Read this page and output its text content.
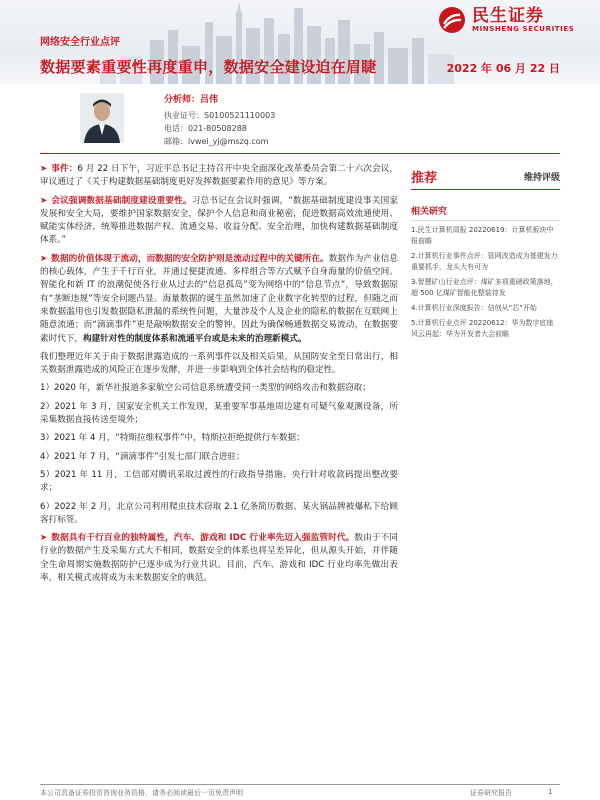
民生证券
MINSHENG SECURITIES
网络安全行业点评
数据要素重要性再度重申，数据安全建设迫在眉睫	2022 年 06 月 22 日
分析师：吕伟
执业证号：S0100521110003
电话：021-80508288
邮箱：lvwei_yj@mszq.com

➤ 事件：6 月 22 日下午，习近平总书记主持召开中央全面深化改革委员会第二十六次会议，审议通过了《关于构建数据基础制度更好发挥数据要素作用的意见》等方案。

➤ 会议强调数据基础制度建设重要性。习总书记在会议时强调，“数据基础制度建设事关国家发展和安全大局，要维护国家数据安全，保护个人信息和商业秘密，促进数据高效流通使用、赋能实体经济，统筹推进数据产权、流通交易、收益分配、安全治理，加快构建数据基础制度体系。”

➤ 数据的价值体现于流动，而数据的安全防护则是流动过程中的关键所在。数据作为产业信息的核心载体，产生于千行百业，并通过便捷流通、多样组合等方式赋予自身海量的价值空间。智能化和新 IT 的浪潮促使各行业从过去的“信息孤岛”变为网络中的“信息节点”，导致数据原有“垄断违规”等安全问题凸显。海量数据的诞生虽然加速了企业数字化转型的过程，但随之而来数据滥用也引发数据隐私泄漏的系统性问题，大量涉及个人及企业的隐私的数据在互联网上随意流通；而“滴滴事件”更是敲响数据安全的警钟。因此为确保畅通数据交易流动，在数据要素时代下，构建针对性的制度体系和流通平台或是未来的治理新模式。

我们整理近年关于由于数据泄露造成的一系列事件以及相关后果，从国防安全至日常出行，相关数据泄露造成的风险正在逐步发酵，并进一步影响到全体社会结构的稳定性。

1）2020 年，新华社报道多家航空公司信息系统遭受同一类型的网络攻击和数据窃取；

2）2021 年 3 月，国家安全机关工作发现，某重要军事基地周边建有可疑气象观测设备，所采集数据直接传送至境外；

3）2021 年 4 月，“特斯拉维权事件”中，特斯拉拒绝提供行车数据；

4）2021 年 7 月，“滴滴事件”引发七部门联合进驻；

5）2021 年 11 月，工信部对腾讯采取过渡性的行政指导措施、央行针对收款码提出整改要求；

6）2022 年 2 月，北京公司利用爬虫技术窃取 2.1 亿条简历数据、某火锅品牌被爆私下给顾客打标签。

➤ 数据具有千行百业的独特属性，汽车、游戏和 IDC 行业率先迈入强监管时代。数由于不同行业的数据产生及采集方式大不相同，数据安全的体系也将呈差异化，但从源头开始，并伴随全生命周期实施数据防护已逐步成为行业共识。目前，汽车、游戏和 IDC 行业均率先做出表率，相关模式或将成为未来数据安全的典范。

推荐	维持评级
相关研究
1.民生计算机周报 20220619：计算机板块中报前瞻
2.计算机行业事件点评：管网改造成为基建发力重要抓手，龙头大有可为
3.智慧矿山行业点评：煤矿多项重磅政策落地，超 500 亿煤矿智能化整装待发
4.计算机行业深度报告：信创从“芯”开始
5.计算机行业点评 20220612：华为数字底座风云再起：华为开发者大会前瞻
本公司具备证券投资咨询业务资格，请务必阅读最后一页免责声明	证券研究报告	1
